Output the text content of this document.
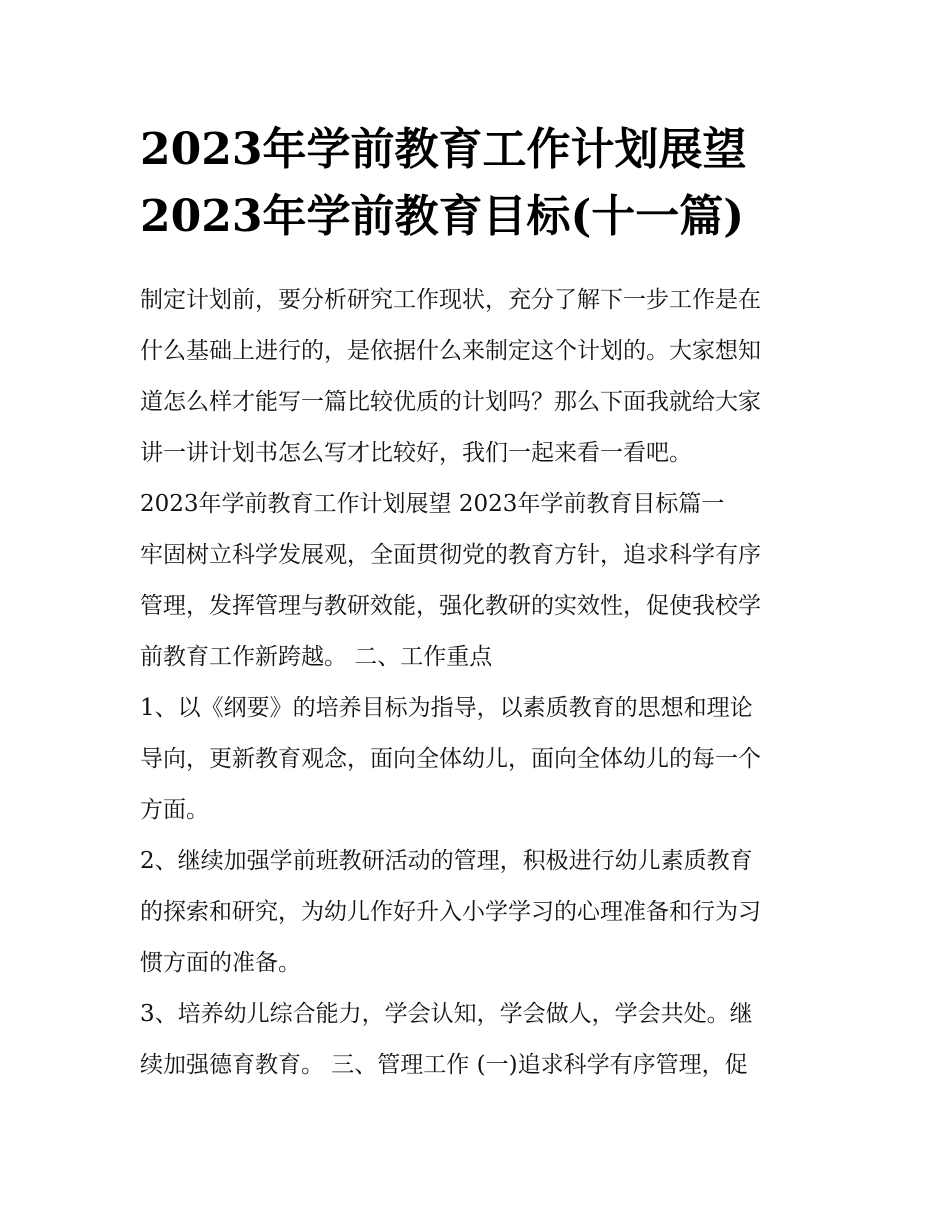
2023年学前教育工作计划展望
2023年学前教育目标(十一篇)
制定计划前，要分析研究工作现状，充分了解下一步工作是在
什么基础上进行的，是依据什么来制定这个计划的。大家想知
道怎么样才能写一篇比较优质的计划吗？那么下面我就给大家
讲一讲计划书怎么写才比较好，我们一起来看一看吧。
2023年学前教育工作计划展望 2023年学前教育目标篇一
牢固树立科学发展观，全面贯彻党的教育方针，追求科学有序
管理，发挥管理与教研效能，强化教研的实效性，促使我校学
前教育工作新跨越。 二、工作重点
1、以《纲要》的培养目标为指导，以素质教育的思想和理论
导向，更新教育观念，面向全体幼儿，面向全体幼儿的每一个
方面。
2、继续加强学前班教研活动的管理，积极进行幼儿素质教育
的探索和研究，为幼儿作好升入小学学习的心理准备和行为习
惯方面的准备。
3、培养幼儿综合能力，学会认知，学会做人，学会共处。继
续加强德育教育。 三、管理工作 (一)追求科学有序管理，促
